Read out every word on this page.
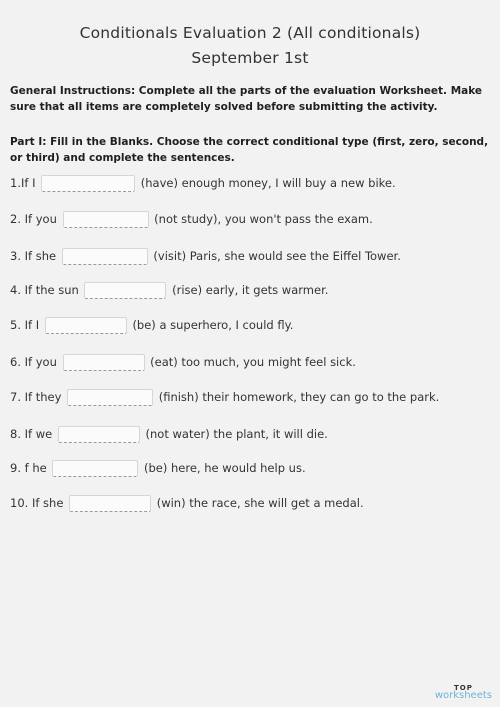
Conditionals Evaluation 2 (All conditionals)
September 1st
General Instructions: Complete all the parts of the evaluation Worksheet. Make sure that all items are completely solved before submitting the activity.
Part I: Fill in the Blanks. Choose the correct conditional type (first, zero, second, or third) and complete the sentences.
1.If I	(have) enough money, I will buy a new bike.
2. If you	(not study), you won't pass the exam.
3. If she	(visit) Paris, she would see the Eiffel Tower.
4. If the sun	(rise) early, it gets warmer.
5. If I	(be) a superhero, I could fly.
6. If you	(eat) too much, you might feel sick.
7. If they	(finish) their homework, they can go to the park.
8. If we	(not water) the plant, it will die.
9. f he	(be) here, he would help us.
10. If she	(win) the race, she will get a medal.
TOP
worksheets
